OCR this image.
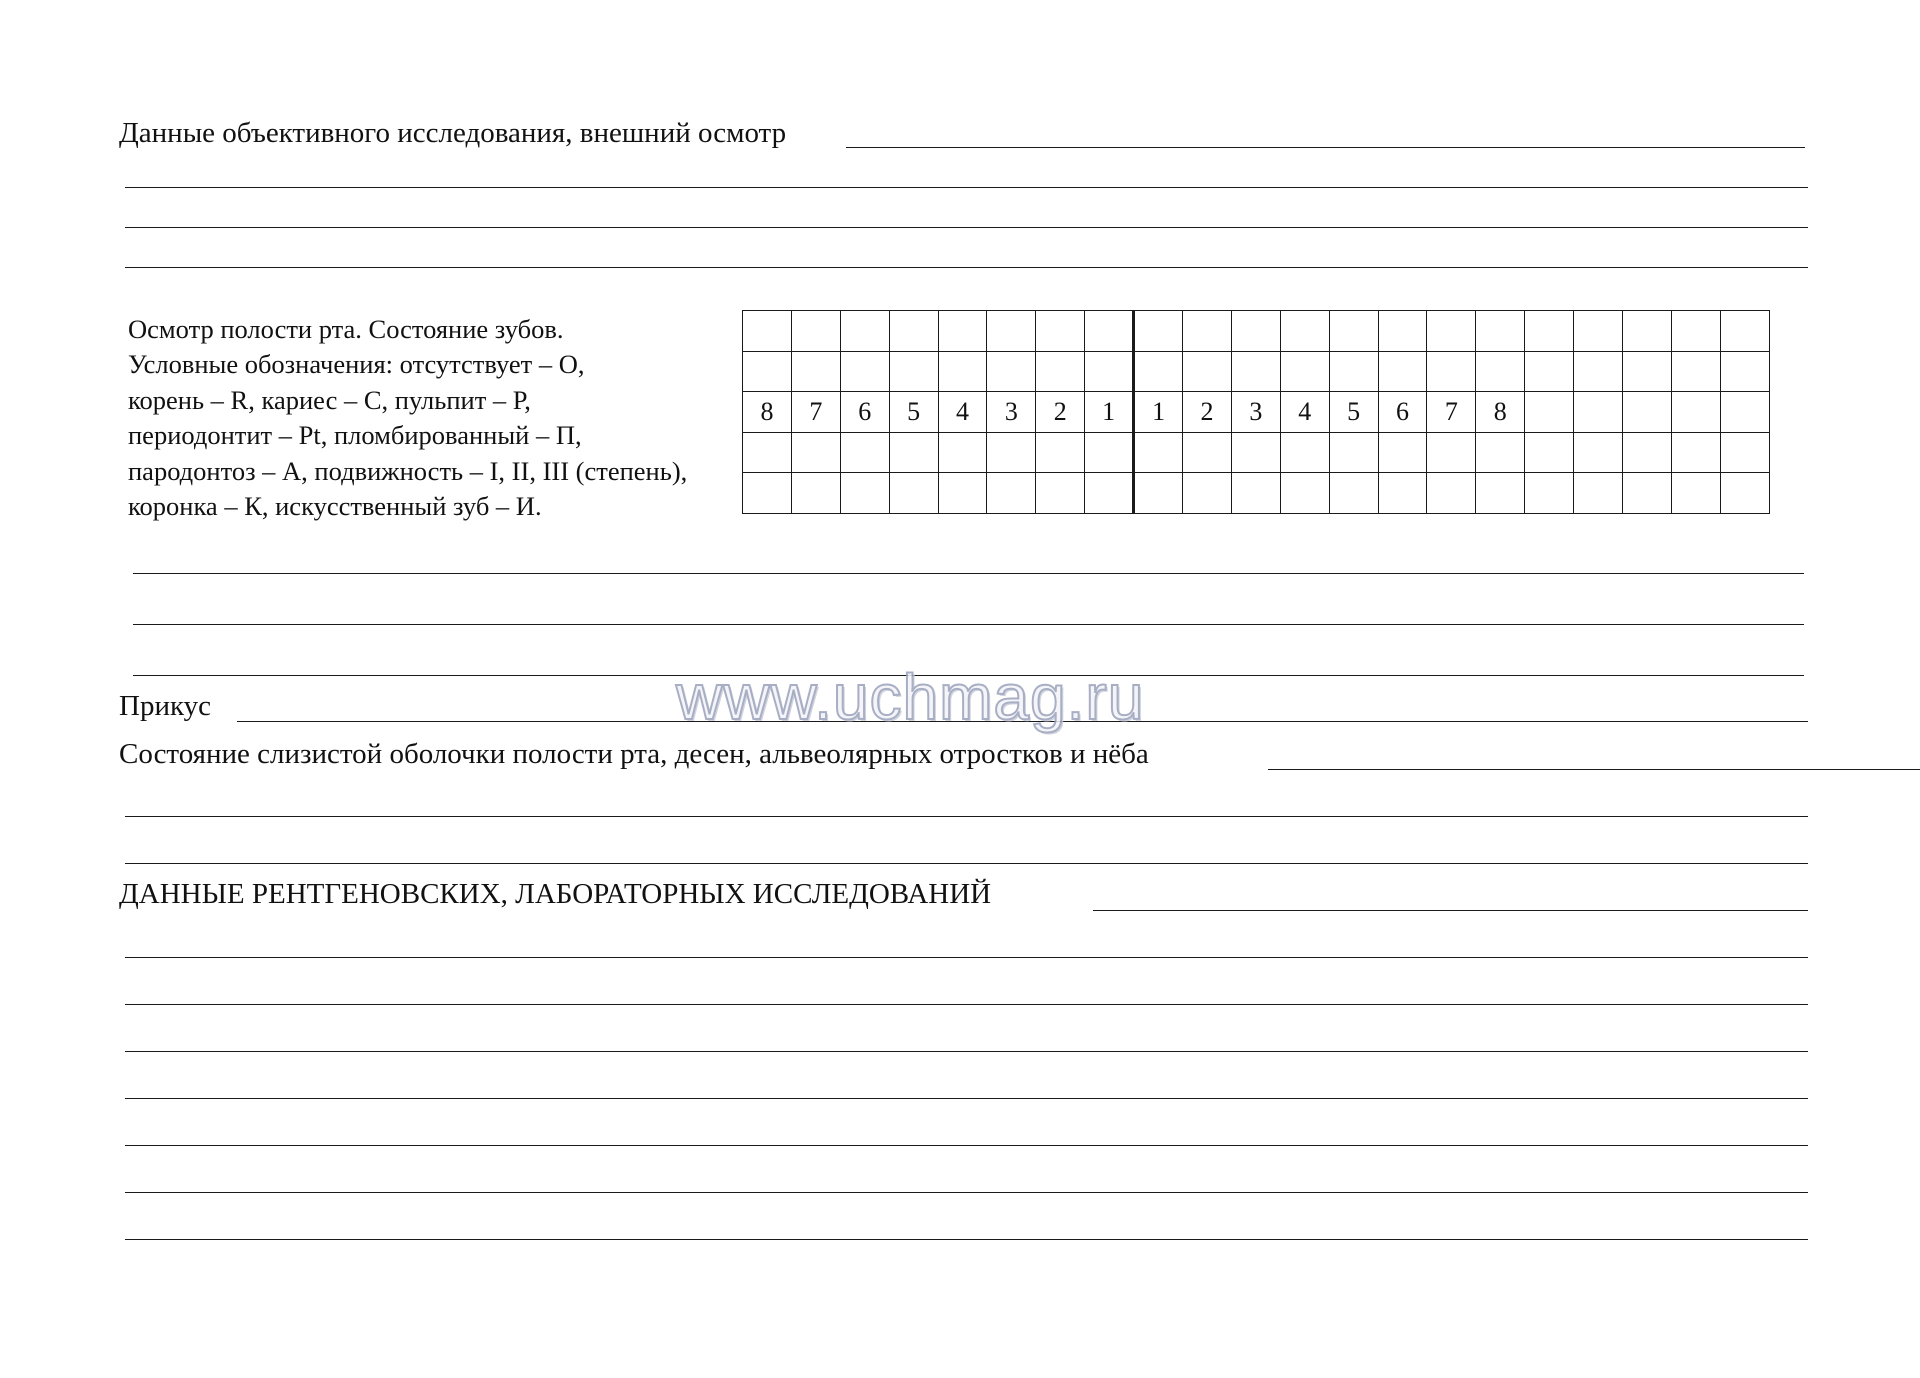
Данные объективного исследования, внешний осмотр
Осмотр полости рта. Состояние зубов.
Условные обозначения: отсутствует – О,
корень – R, кариес – С, пульпит – Р,
периодонтит – Pt, пломбированный – П,
пародонтоз – А, подвижность – I, II, III (степень),
коронка – К, искусственный зуб – И.

8	7	6	5	4	3	2	1	1	2	3	4	5	6	7	8					

Прикус
Состояние слизистой оболочки полости рта, десен, альвеолярных отростков и нёба
ДАННЫЕ РЕНТГЕНОВСКИХ, ЛАБОРАТОРНЫХ ИССЛЕДОВАНИЙ
www.uchmag.ru
